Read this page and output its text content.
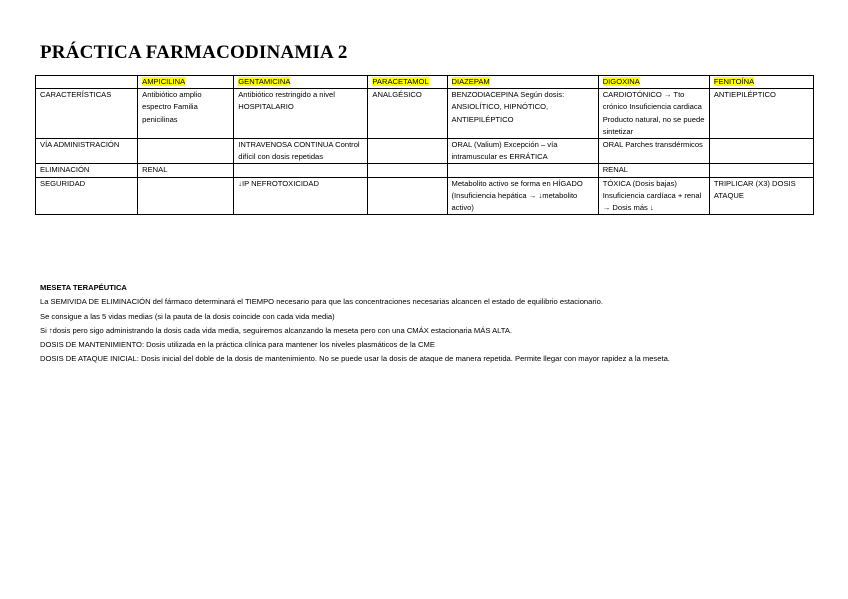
PRÁCTICA FARMACODINAMIA 2
	AMPICILINA	GENTAMICINA	PARACETAMOL	DIAZEPAM	DIGOXINA	FENITOÍNA
CARACTERÍSTICAS	Antibiótico amplio espectro Familia penicilinas	Antibiótico restringido a nivel HOSPITALARIO	ANALGÉSICO	BENZODIACEPINA Según dosis: ANSIOLÍTICO, HIPNÓTICO, ANTIEPILÉPTICO	CARDIOTÓNICO → Tto crónico Insuficiencia cardiaca Producto natural, no se puede sintetizar	ANTIEPILÉPTICO
VÍA ADMINISTRACIÓN		INTRAVENOSA CONTINUA Control difícil con dosis repetidas		ORAL (Valium) Excepción – vía intramuscular es ERRÁTICA	ORAL Parches transdérmicos	
ELIMINACIÓN	RENAL				RENAL	
SEGURIDAD		↓IP NEFROTOXICIDAD		Metabolito activo se forma en HÍGADO (Insuficiencia hepática → ↓metabolito activo)	TÓXICA (Dosis bajas) Insuficiencia cardíaca + renal → Dosis más ↓	TRIPLICAR (X3) DOSIS ATAQUE
MESETA TERAPÉUTICA
La SEMIVIDA DE ELIMINACIÓN del fármaco determinará el TIEMPO necesario para que las concentraciones necesarias alcancen el estado de equilibrio estacionario.
Se consigue a las 5 vidas medias (si la pauta de la dosis coincide con cada vida media)
Si ↑dosis pero sigo administrando la dosis cada vida media, seguiremos alcanzando la meseta pero con una CMÁX estacionaria MÁS ALTA.
DOSIS DE MANTENIMIENTO: Dosis utilizada en la práctica clínica para mantener los niveles plasmáticos de la CME
DOSIS DE ATAQUE INICIAL: Dosis inicial del doble de la dosis de mantenimiento. No se puede usar la dosis de ataque de manera repetida. Permite llegar con mayor rapidez a la meseta.
